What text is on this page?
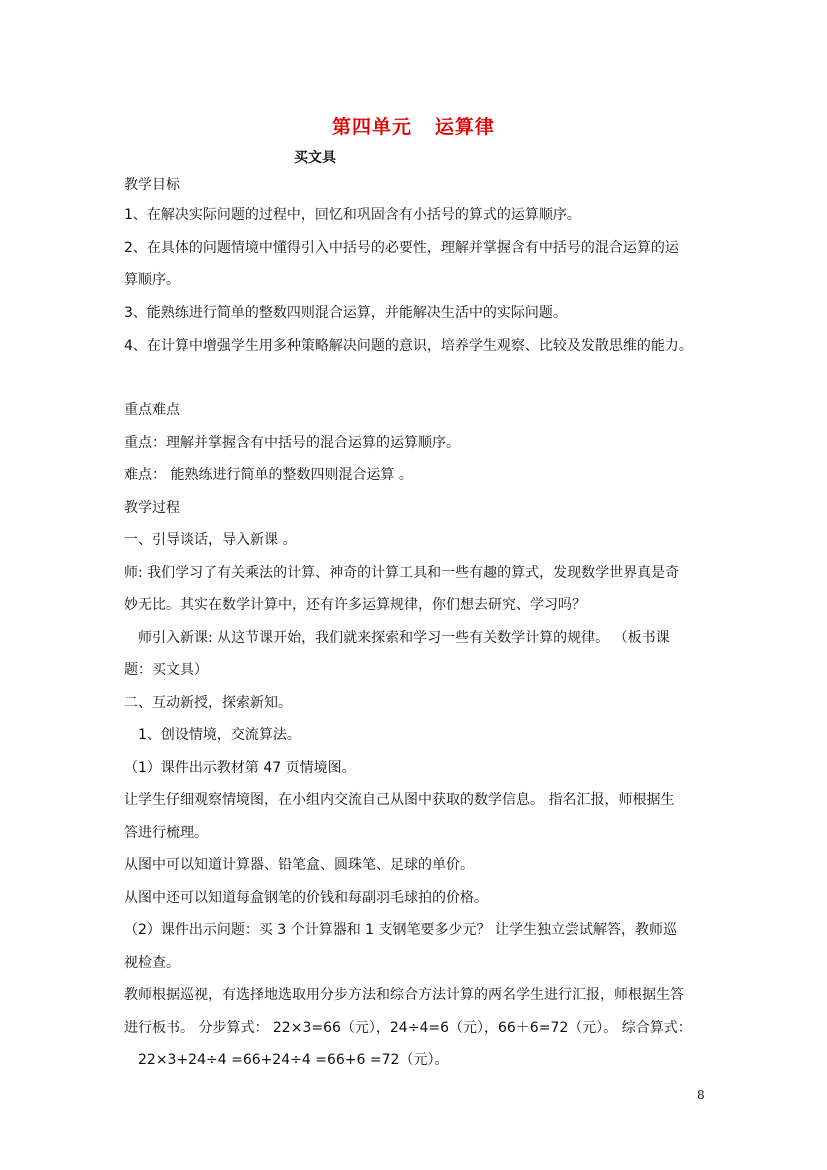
第四单元 运算律
买文具
教学目标
1、在解决实际问题的过程中，回忆和巩固含有小括号的算式的运算顺序。
2、在具体的问题情境中懂得引入中括号的必要性，理解并掌握含有中括号的混合运算的运
算顺序。
3、能熟练进行简单的整数四则混合运算，并能解决生活中的实际问题。
4、在计算中增强学生用多种策略解决问题的意识，培养学生观察、比较及发散思维的能力。
重点难点
重点：理解并掌握含有中括号的混合运算的运算顺序。
难点： 能熟练进行简单的整数四则混合运算 。
教学过程
一、引导谈话，导入新课 。
师: 我们学习了有关乘法的计算、神奇的计算工具和一些有趣的算式，发现数学世界真是奇
妙无比。其实在数学计算中，还有许多运算规律，你们想去研究、学习吗？
师引入新课: 从这节课开始，我们就来探索和学习一些有关数学计算的规律。 （板书课
题：买文具）
二、互动新授，探索新知。
1、创设情境，交流算法。
（1）课件出示教材第 47 页情境图。
让学生仔细观察情境图，在小组内交流自己从图中获取的数学信息。 指名汇报，师根据生
答进行梳理。
从图中可以知道计算器、铅笔盒、圆珠笔、足球的单价。
从图中还可以知道每盒钢笔的价钱和每副羽毛球拍的价格。
（2）课件出示问题：买 3 个计算器和 1 支钢笔要多少元？ 让学生独立尝试解答，教师巡
视检查。
教师根据巡视，有选择地选取用分步方法和综合方法计算的两名学生进行汇报，师根据生答
进行板书。 分步算式： 22×3=66（元），24÷4=6（元），66＋6=72（元）。 综合算式：
22×3+24÷4 =66+24÷4 =66+6 =72（元）。
8
